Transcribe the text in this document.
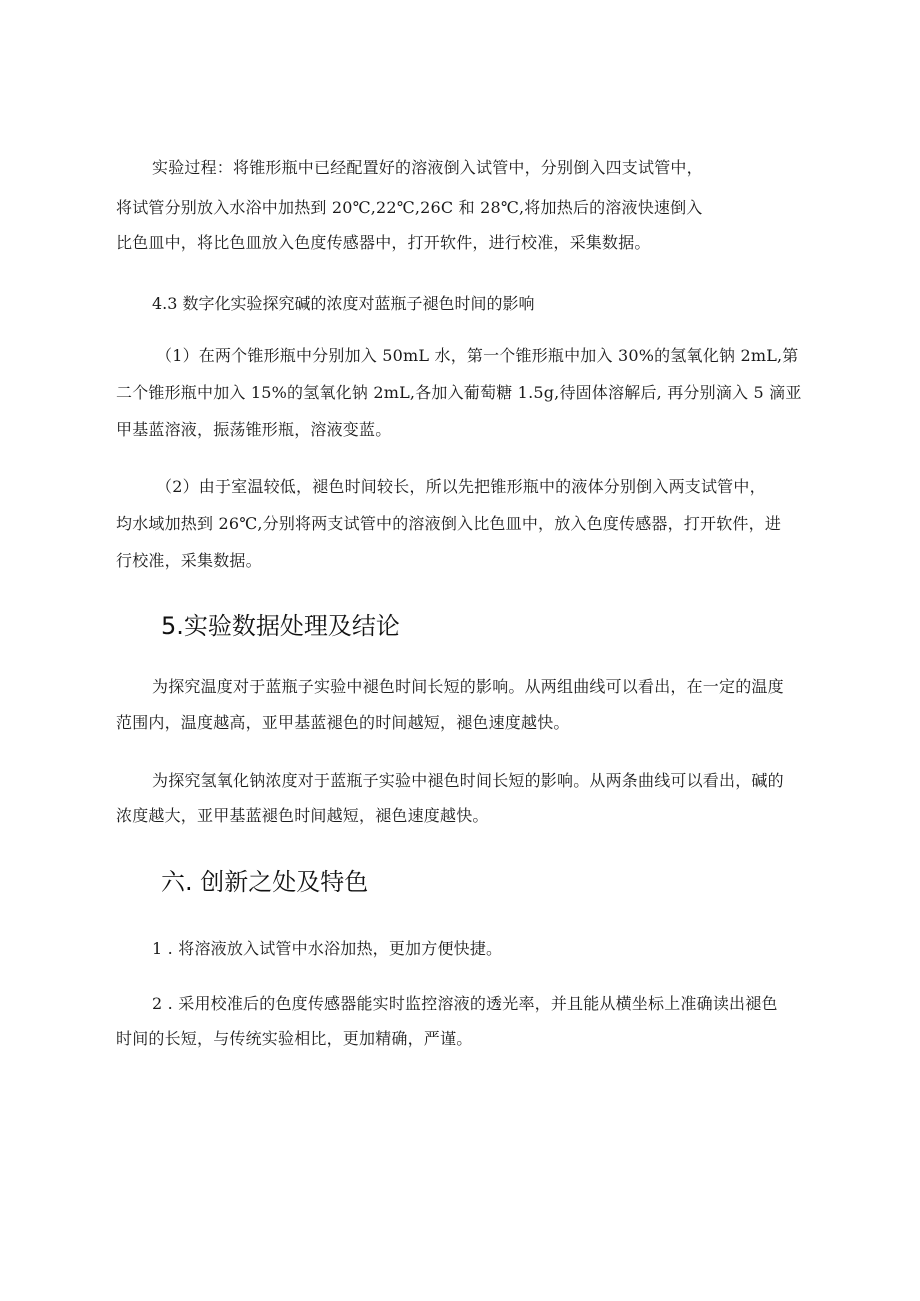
实验过程：将锥形瓶中已经配置好的溶液倒入试管中，分别倒入四支试管中，
将试管分别放入水浴中加热到 20℃,22℃,26C 和 28℃,将加热后的溶液快速倒入
比色皿中，将比色皿放入色度传感器中，打开软件，进行校准，采集数据。
4.3 数字化实验探究碱的浓度对蓝瓶子褪色时间的影响
（1）在两个锥形瓶中分别加入 50mL 水，第一个锥形瓶中加入 30%的氢氧化钠 2mL,第
二个锥形瓶中加入 15%的氢氧化钠 2mL,各加入葡萄糖 1.5g,待固体溶解后, 再分别滴入 5 滴亚
甲基蓝溶液，振荡锥形瓶，溶液变蓝。
（2）由于室温较低，褪色时间较长，所以先把锥形瓶中的液体分别倒入两支试管中，
均水域加热到 26℃,分别将两支试管中的溶液倒入比色皿中，放入色度传感器，打开软件，进
行校准，采集数据。
5.实验数据处理及结论
为探究温度对于蓝瓶子实验中褪色时间长短的影响。从两组曲线可以看出，在一定的温度
范围内，温度越高，亚甲基蓝褪色的时间越短，褪色速度越快。
为探究氢氧化钠浓度对于蓝瓶子实验中褪色时间长短的影响。从两条曲线可以看出，碱的
浓度越大，亚甲基蓝褪色时间越短，褪色速度越快。
六. 创新之处及特色
1 . 将溶液放入试管中水浴加热，更加方便快捷。
2 . 采用校准后的色度传感器能实时监控溶液的透光率，并且能从横坐标上准确读出褪色
时间的长短，与传统实验相比，更加精确，严谨。
